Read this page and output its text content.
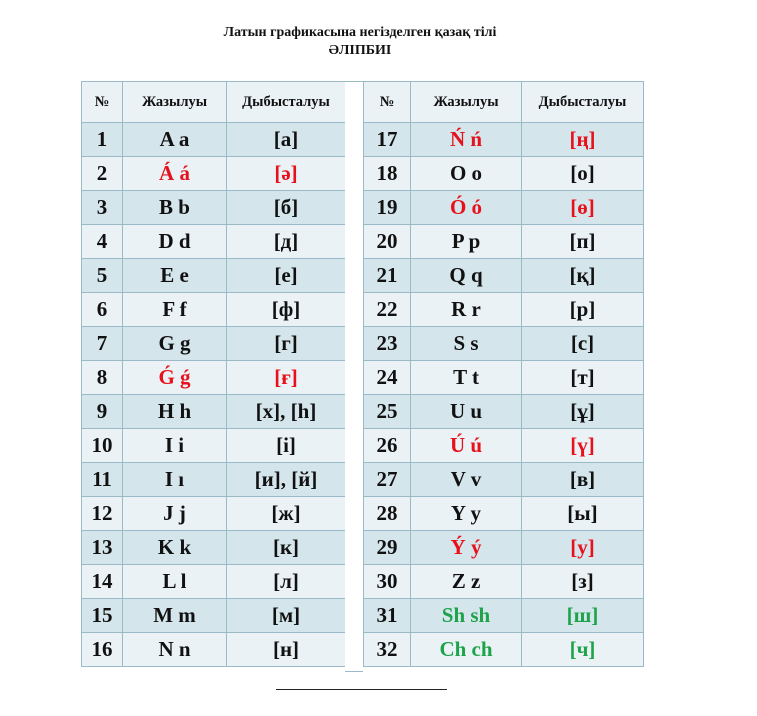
Латын графикасына негізделген қазақ тілі
ӘЛІПБИІ
№	Жазылуы	Дыбысталуы
1	A a	[а]
2	Á á	[ә]
3	B b	[б]
4	D d	[д]
5	E e	[е]
6	F f	[ф]
7	G g	[г]
8	Ǵ ǵ	[ғ]
9	H h	[х], [h]
10	I i	[і]
11	I ı	[и], [й]
12	J j	[ж]
13	K k	[к]
14	L l	[л]
15	M m	[м]
16	N n	[н]
№	Жазылуы	Дыбысталуы
17	Ń ń	[ң]
18	O o	[о]
19	Ó ó	[ө]
20	P p	[п]
21	Q q	[қ]
22	R r	[р]
23	S s	[с]
24	T t	[т]
25	U u	[ұ]
26	Ú ú	[ү]
27	V v	[в]
28	Y y	[ы]
29	Ý ý	[у]
30	Z z	[з]
31	Sh sh	[ш]
32	Ch ch	[ч]
